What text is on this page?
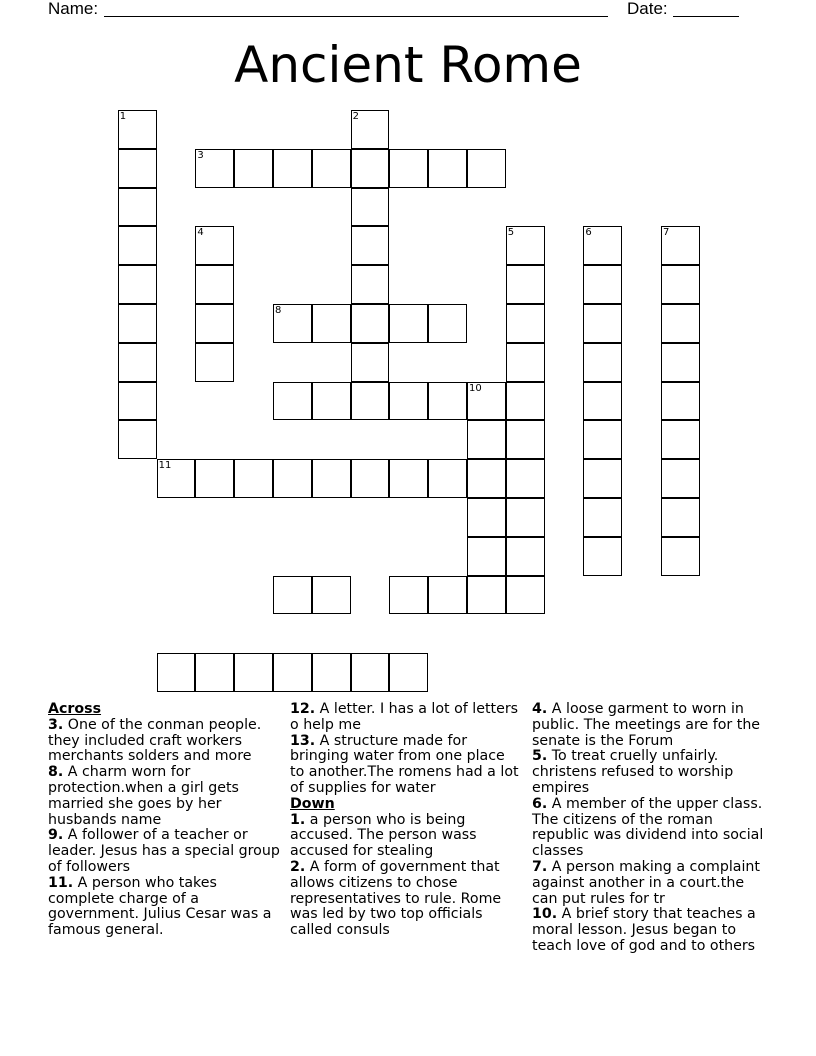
Name:	Date:
Ancient Rome
1	2
3
4	5	6	7
8
10
11
Across
3. One of the conman people. they included craft workers merchants solders and more
8. A charm worn for protection.when a girl gets married she goes by her husbands name
9. A follower of a teacher or leader. Jesus has a special group of followers
11. A person who takes complete charge of a government. Julius Cesar was a famous general.
12. A letter. I has a lot of letters o help me
13. A structure made for bringing water from one place to another.The romens had a lot of supplies for water
Down
1. a person who is being accused. The person wass accused for stealing
2. A form of government that allows citizens to chose representatives to rule. Rome was led by two top officials called consuls
4. A loose garment to worn in public. The meetings are for the senate is the Forum
5. To treat cruelly unfairly. christens refused to worship empires
6. A member of the upper class. The citizens of the roman republic was dividend into social classes
7. A person making a complaint against another in a court.the can put rules for tr
10. A brief story that teaches a moral lesson. Jesus began to teach love of god and to others
